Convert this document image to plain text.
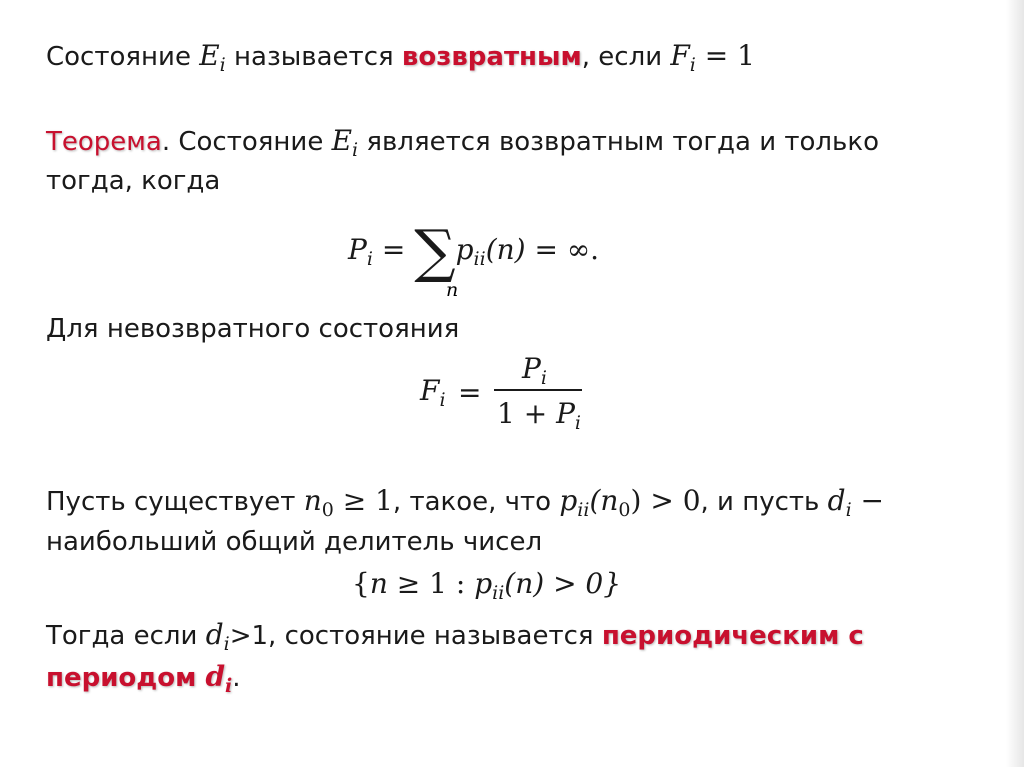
Состояние $E_i$ называется возвратным, если $F_i = 1$
Теорема. Состояние $E_i$ является возвратным тогда и только
тогда, когда
$P_i = \sum p_{ii}(n)$ = ∞.
n
Для невозвратного состояния
$F_i$ =
$P_i$
$1 + P_i$
Пусть существует $n_0 \ge 1$, такое, что $p_{ii}(n_0) > 0$, и пусть $d_i$ −
наибольший общий делитель чисел
{n ≥ 1 : $p_{ii}(n) > 0$}
Тогда если $d_i>1$, состояние называется периодическим с
периодом $d_i$.
